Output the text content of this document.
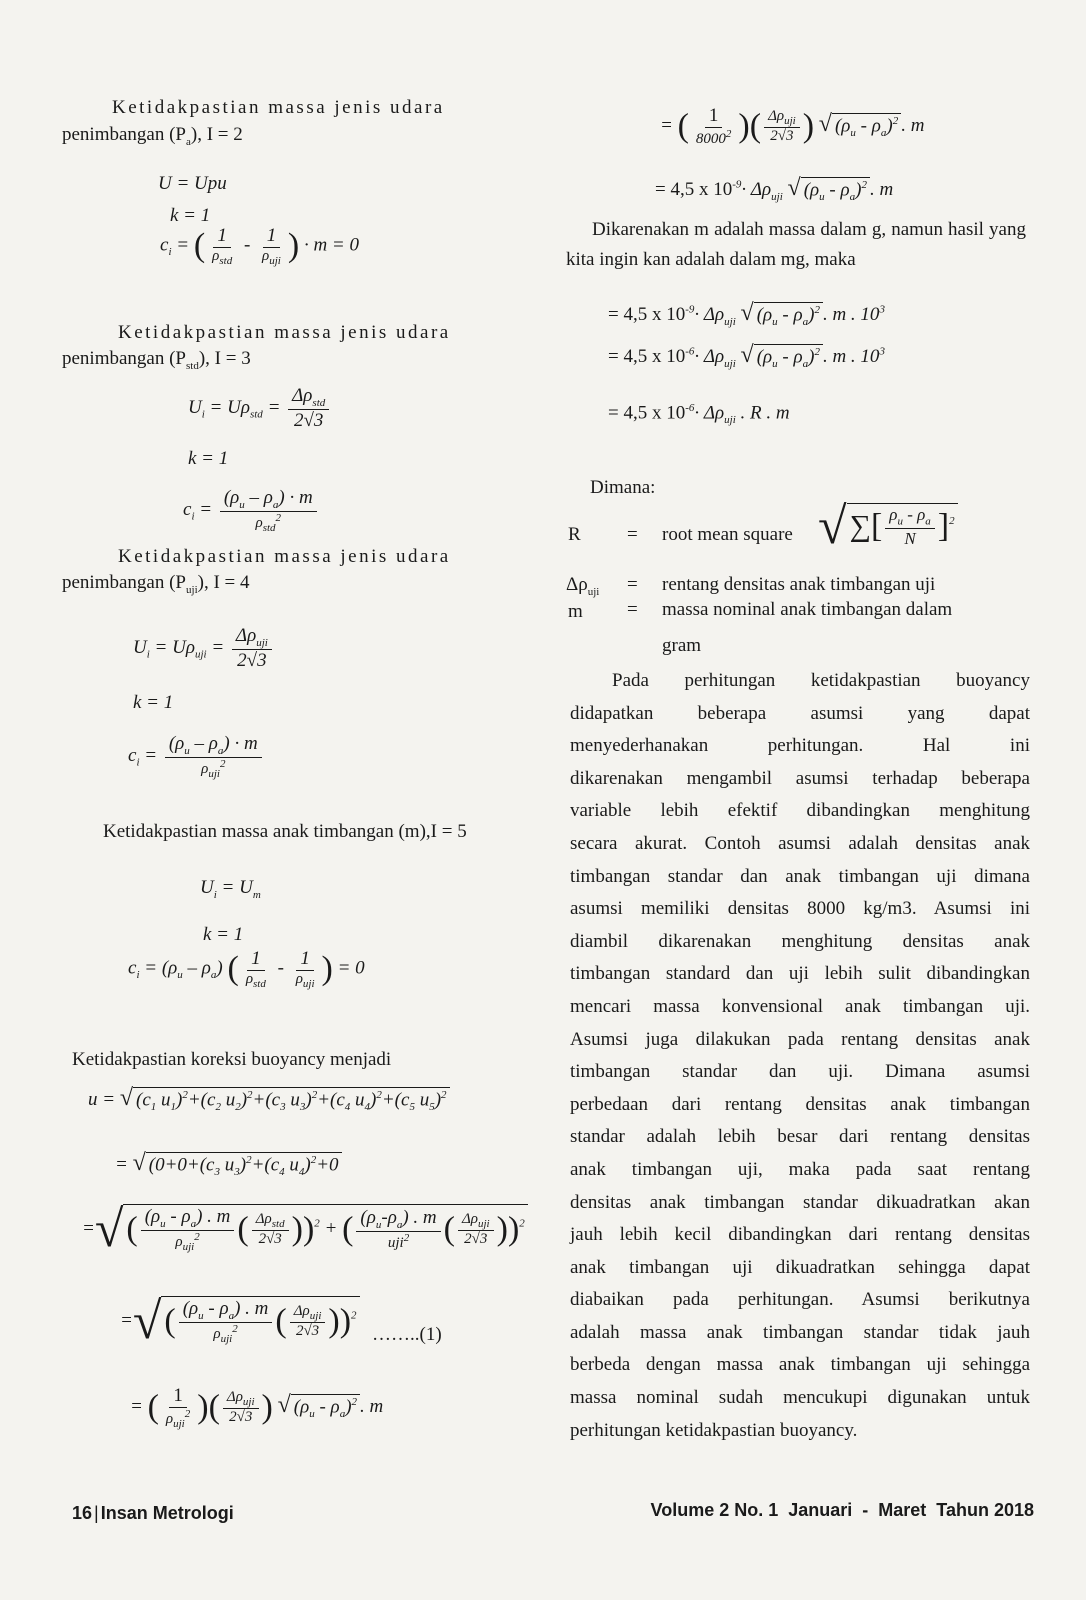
Ketidakpastian massa jenis udara
penimbangan $(P_a)$, I = 2
U = Upu
k = 1
$c_i$ = ( $\frac{1}{\rho_{std}} - \frac{1}{\rho_{uji}}$ ) · m = 0
Ketidakpastian massa jenis udara
penimbangan $(P_{std})$, I = 3
$U_i = U\rho_{std} = \frac{\Delta\rho_{std}}{2√3}$
k = 1
$c_i = \frac{(\rho_u - \rho_a) \cdot m}{\rho_{std}^2}$
Ketidakpastian massa jenis udara
penimbangan $(P_{uji})$, I = 4
$U_i = U\rho_{uji} = \frac{\Delta\rho_{uji}}{2√3}$
k = 1
$c_i = \frac{(\rho_u - \rho_a) \cdot m}{\rho_{uji}^2}$
Ketidakpastian massa anak timbangan (m),I = 5
$U_i = U_m$
k = 1
$c_i = (\rho_u - \rho_a)$ ( $\frac{1}{\rho_{std}} - \frac{1}{\rho_{uji}}$ ) = 0
Ketidakpastian koreksi buoyancy menjadi
u = √ ($c_1$ $u_1)^2+(c_2$ $u_2)^2+(c_3$ $u_3)^2+(c_4$ $u_4)^2+(c_5$ $u_5)^2$
= √ ($0+0+(c_3$ $u_3)^2+(c_4$ $u_4)^2+0$
=√( $\frac{(\rho_u - \rho_a) . m}{\rho_{uji}^2}$ ( $\frac{\Delta\rho_{std}}{2√3} ))^2$ + ( $\frac{(\rho_u-\rho_a) . m}{uji^2}$ ( $\frac{\Delta\rho_{uji}}{2√3} ))^2$
=√( $\frac{(\rho_u - \rho_a) . m}{\rho_{uji}^2}$ ( $\frac{\Delta\rho_{uji}}{2√3} ))^2$
……..(1)
= ( $\frac{1}{\rho_{uji}^2}$ )( $\frac{\Delta\rho_{uji}}{2√3}$ ) √ $(\rho_u - \rho_a)^2$ . m
= ( $\frac{1}{8000^2}$ )( $\frac{\Delta\rho_{uji}}{2√3}$ ) √ $(\rho_u - \rho_a)^2$ . m
= 4,5 x $10^{-9}\cdot \Delta\rho_{uji}$ √ $(\rho_u - \rho_a)^2$ . m

Dikarenakan m adalah massa dalam g, namun hasil yang kita ingin kan adalah dalam mg, maka

= 4,5 x $10^{-9}\cdot \Delta\rho_{uji}$ √ $(\rho_u - \rho_a)^2$ . m . $10^3$
= 4,5 x $10^{-6}\cdot \Delta\rho_{uji}$ √ $(\rho_u - \rho_a)^2$ . m . $10^3$
= 4,5 x $10^{-6}\cdot \Delta\rho_{uji}$ . R . m
Dimana:
R = root mean square √ ∑[ $\frac{\rho_u - \rho_a}{N} ]^2$
$\Delta\rho_{uji} = rentang$ densitas anak timbangan uji
m = massa nominal anak timbangan dalam
gram
Pada perhitungan ketidakpastian buoyancy
didapatkan beberapa asumsi yang dapat
menyederhanakan perhitungan. Hal ini
dikarenakan mengambil asumsi terhadap beberapa
variable lebih efektif dibandingkan menghitung
secara akurat. Contoh asumsi adalah densitas anak
timbangan standar dan anak timbangan uji dimana
asumsi memiliki densitas 8000 kg/m3. Asumsi ini
diambil dikarenakan menghitung densitas anak
timbangan standard dan uji lebih sulit dibandingkan
mencari massa konvensional anak timbangan uji.
Asumsi juga dilakukan pada rentang densitas anak
timbangan standar dan uji. Dimana asumsi
perbedaan dari rentang densitas anak timbangan
standar adalah lebih besar dari rentang densitas
anak timbangan uji, maka pada saat rentang
densitas anak timbangan standar dikuadratkan akan
jauh lebih kecil dibandingkan dari rentang densitas
anak timbangan uji dikuadratkan sehingga dapat
diabaikan pada perhitungan. Asumsi berikutnya
adalah massa anak timbangan standar tidak jauh
berbeda dengan massa anak timbangan uji sehingga
massa nominal sudah mencukupi digunakan untuk
perhitungan ketidakpastian buoyancy.
16 | Insan Metrologi	Volume 2 No. 1  Januari  -  Maret  Tahun 2018
